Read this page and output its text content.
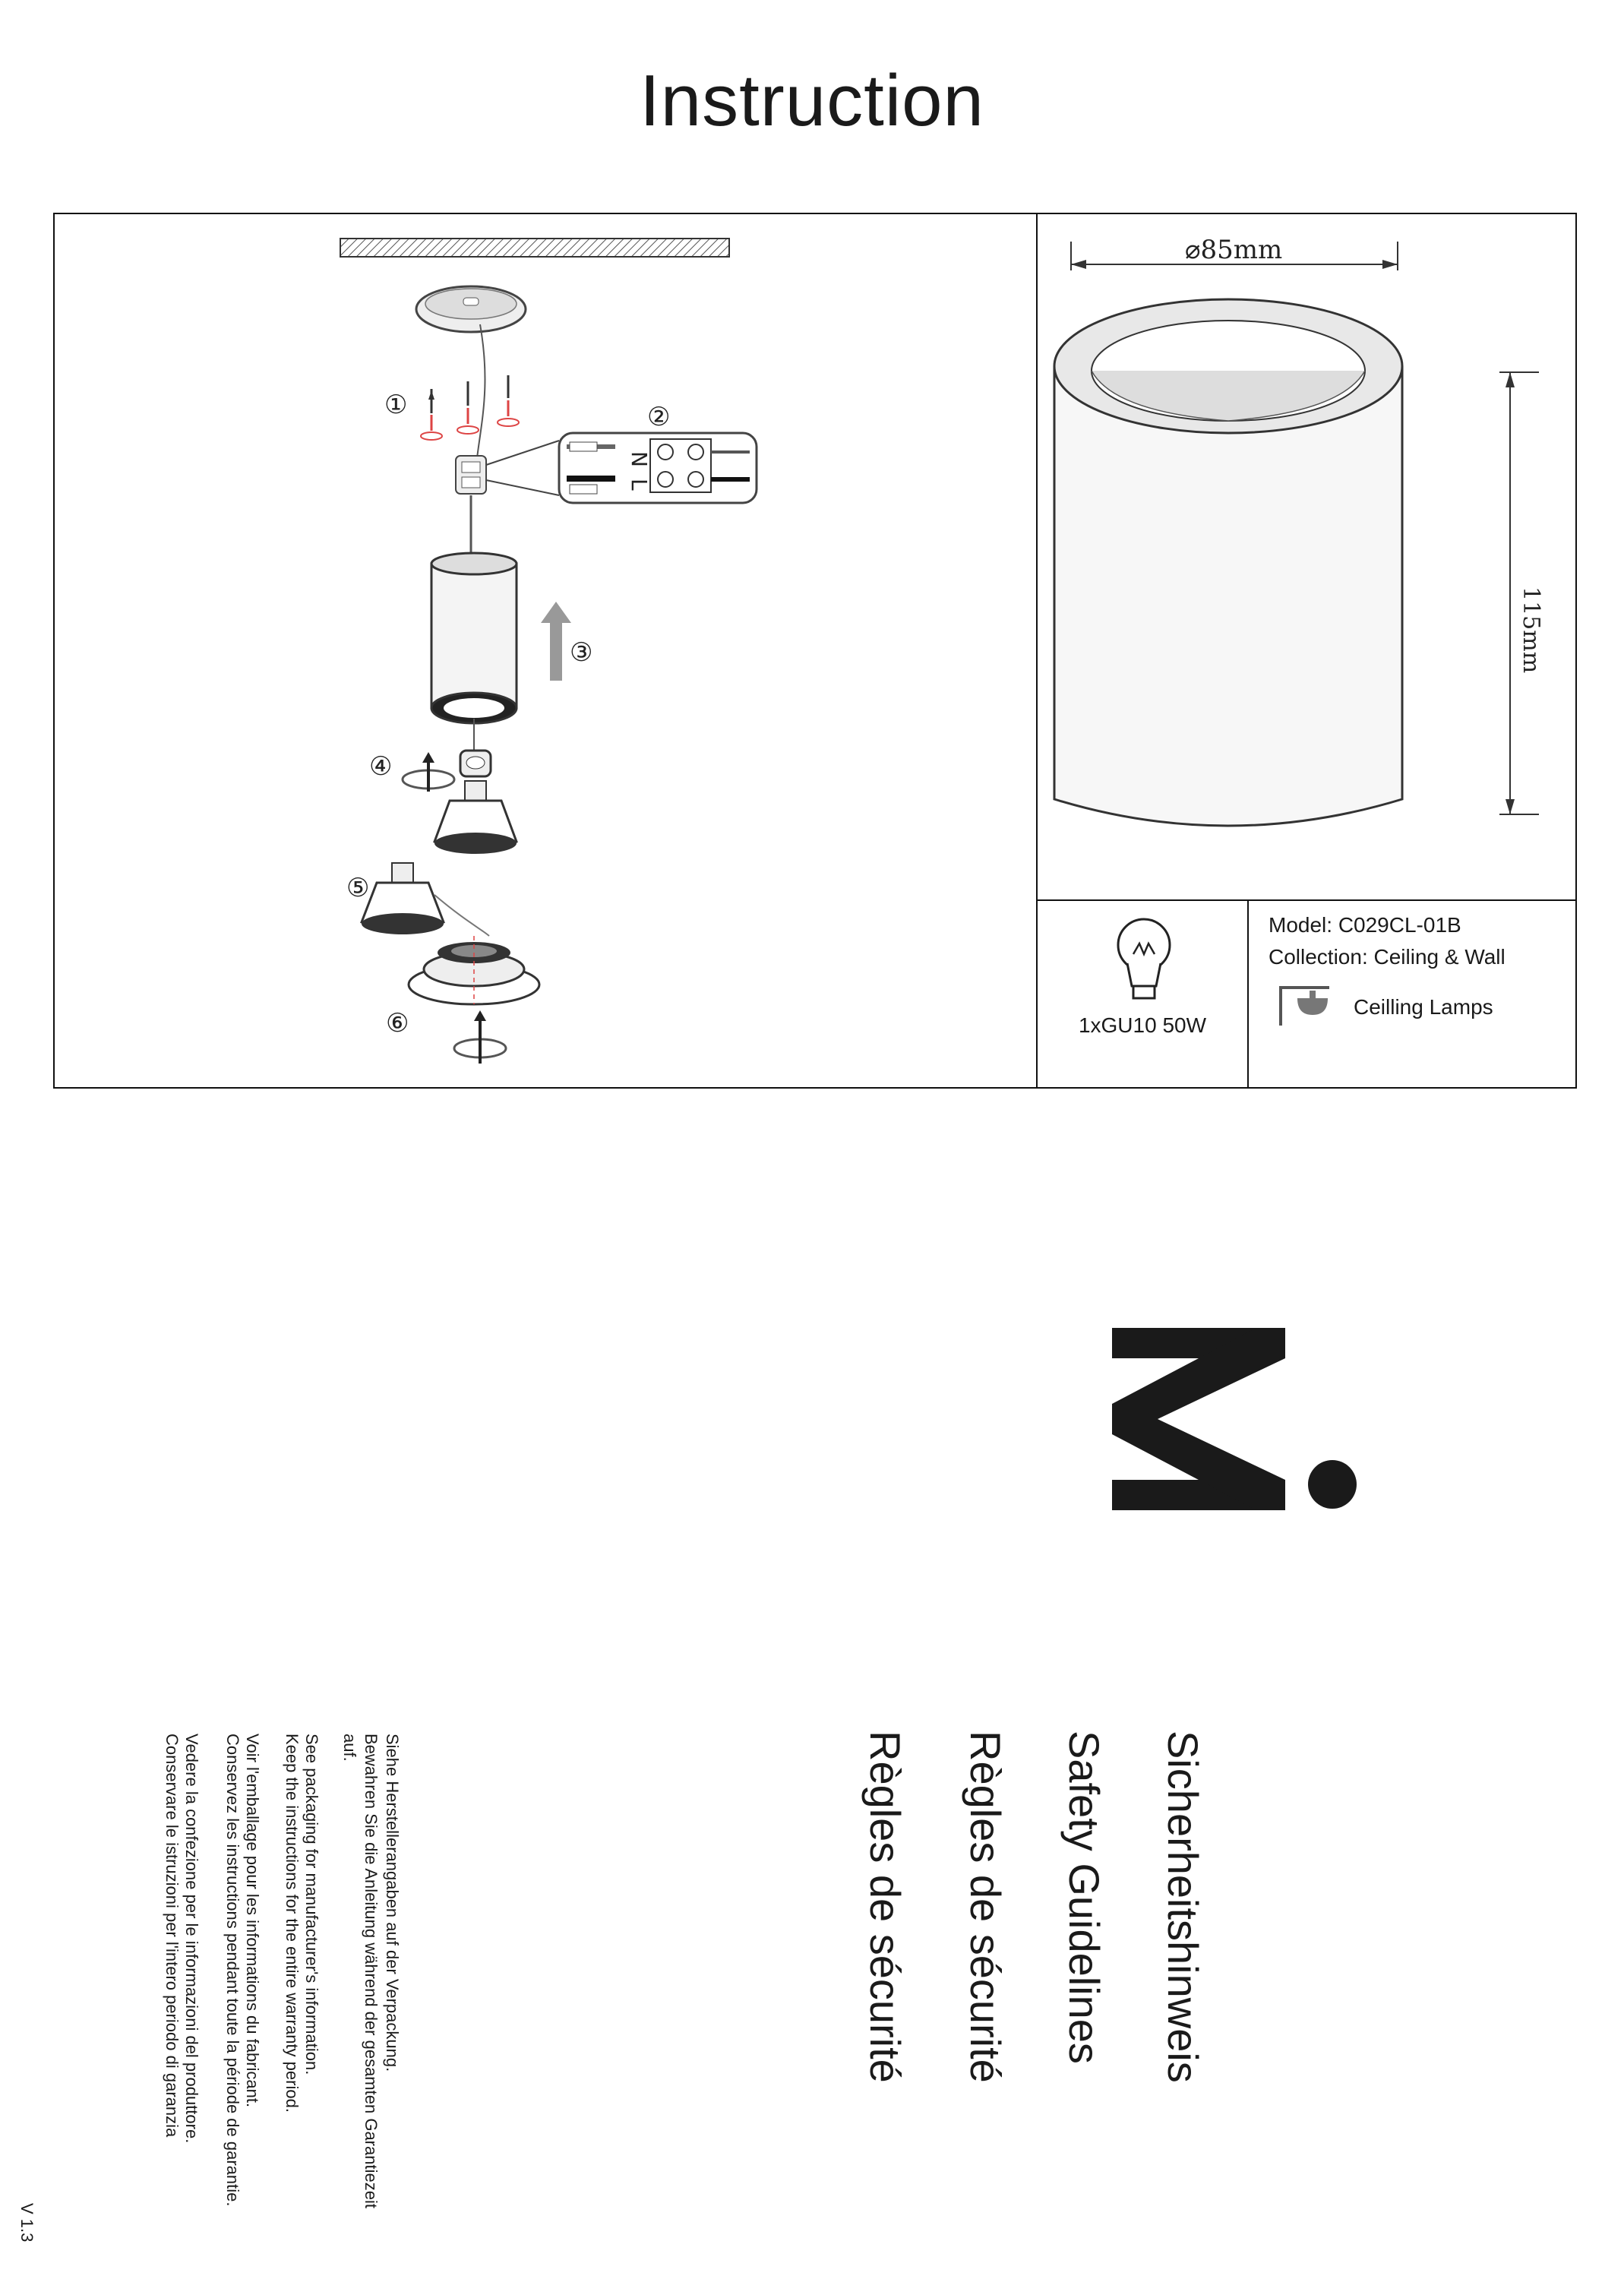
Instruction
①
N
L
②
③
④
⑤
⑥
⌀85mm
115mm
1xGU10 50W
Model: C029CL-01B
Collection: Ceiling & Wall
Ceilling Lamps
Sicherheitshinweis
Safety Guidelines
Règles de sécurité
Règles de sécurité
Siehe Herstellerangaben auf der Verpackung.
Bewahren Sie die Anleitung während der gesamten Garantiezeit
auf.
See packaging for manufacturer's information.
Keep the instructions for the entire warranty period.
Voir l'emballage pour les informations du fabricant.
Conservez les instructions pendant toute la période de garantie.
Vedere la confezione per le informazioni del produttore.
Conservare le istruzioni per l'intero periodo di garanzia
V 1.3
